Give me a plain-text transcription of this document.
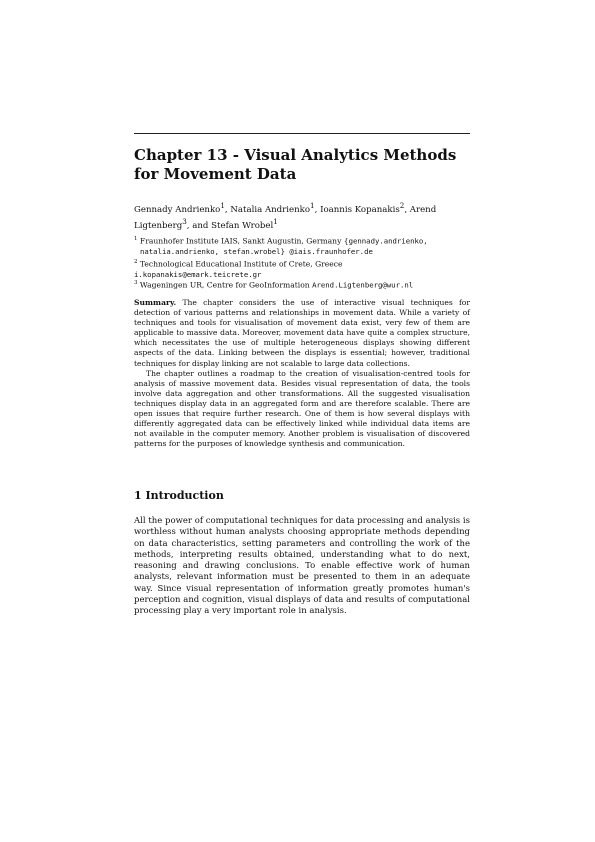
Chapter 13 - Visual Analytics Methods for Movement Data
Gennady Andrienko$^1$, Natalia Andrienko$^1$, Ioannis Kopanakis$^2$, Arend Ligtenberg$^3$, and Stefan Wrobel$^1$
$^1$ Fraunhofer Institute IAIS, Sankt Augustin, Germany {gennady.andrienko,
natalia.andrienko, stefan.wrobel} @iais.fraunhofer.de
$^2$ Technological Educational Institute of Crete, Greece
i.kopanakis@emark.teicrete.gr
$^3$ Wageningen UR, Centre for GeoInformation Arend.Ligtenberg@wur.nl

Summary. The chapter considers the use of interactive visual techniques for detection of various patterns and relationships in movement data. While a variety of techniques and tools for visualisation of movement data exist, very few of them are applicable to massive data. Moreover, movement data have quite a complex structure, which necessitates the use of multiple heterogeneous displays showing different aspects of the data. Linking between the displays is essential; however, traditional techniques for display linking are not scalable to large data collections.

The chapter outlines a roadmap to the creation of visualisation-centred tools for analysis of massive movement data. Besides visual representation of data, the tools involve data aggregation and other transformations. All the suggested visualisation techniques display data in an aggregated form and are therefore scalable. There are open issues that require further research. One of them is how several displays with differently aggregated data can be effectively linked while individual data items are not available in the computer memory. Another problem is visualisation of discovered patterns for the purposes of knowledge synthesis and communication.

1 Introduction

All the power of computational techniques for data processing and analysis is worthless without human analysts choosing appropriate methods depending on data characteristics, setting parameters and controlling the work of the methods, interpreting results obtained, understanding what to do next, reasoning and drawing conclusions. To enable effective work of human analysts, relevant information must be presented to them in an adequate way. Since visual representation of information greatly promotes human's perception and cognition, visual displays of data and results of computational processing play a very important role in analysis.
